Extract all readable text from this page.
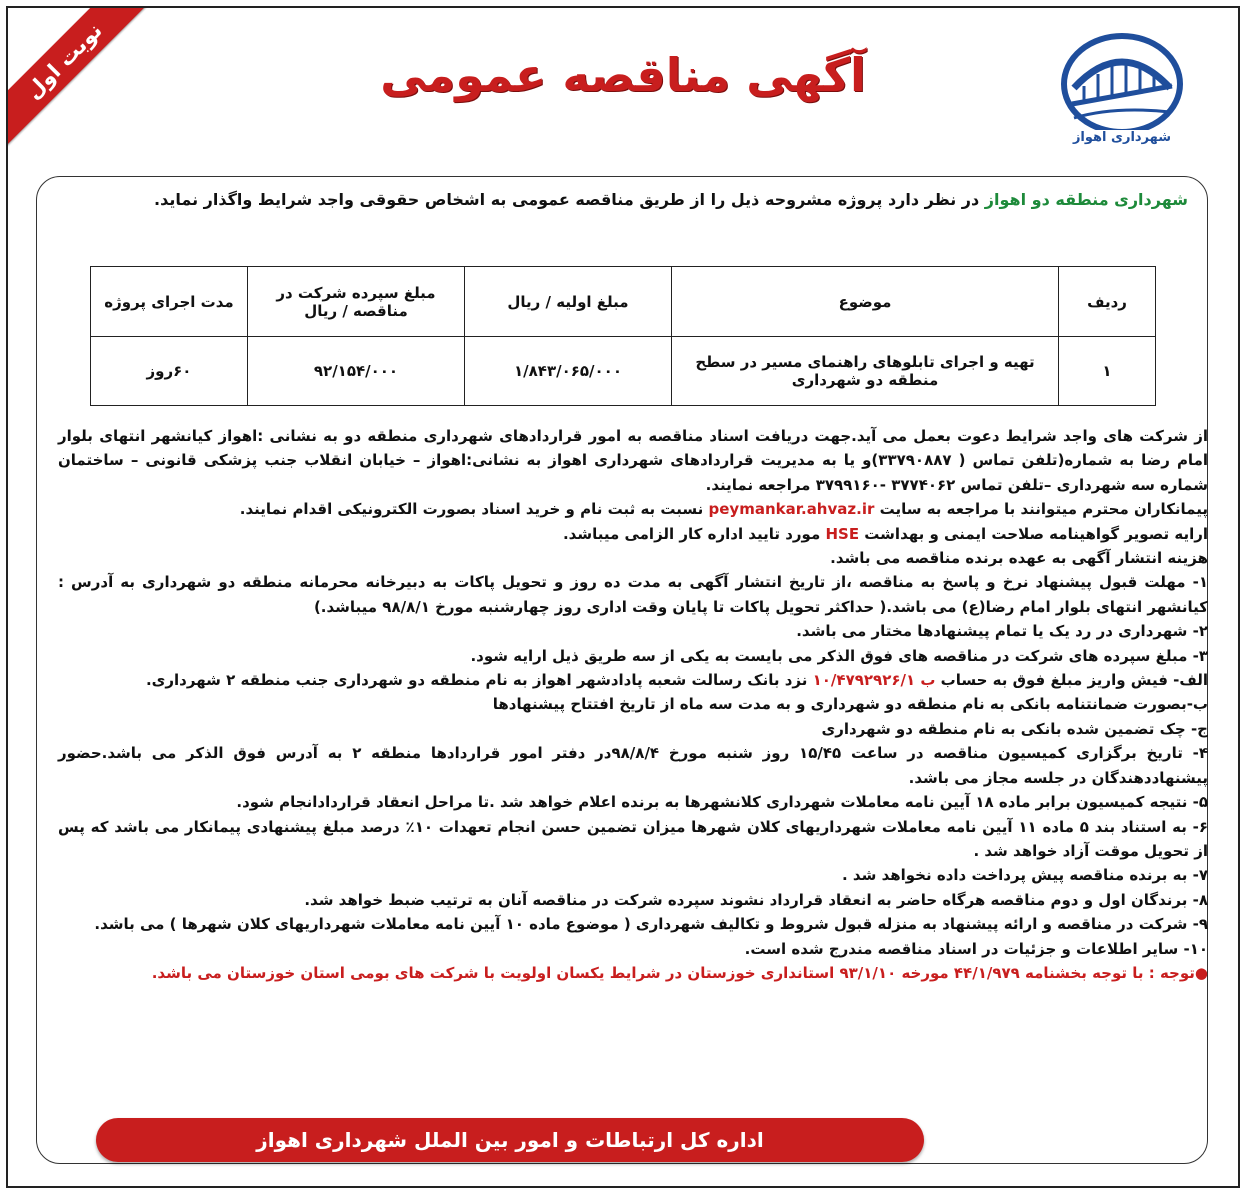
نوبت اول	آگهی مناقصه عمومی
شهرداری اهواز
شهرداری منطقه دو اهواز در نظر دارد پروژه مشروحه ذیل را از طریق مناقصه عمومی به اشخاص حقوقی واجد شرایط واگذار نماید.
ردیف	موضوع	مبلغ اولیه / ریال	مبلغ سپرده شرکت در مناقصه / ریال	مدت اجرای پروژه
۱	تهیه و اجرای تابلوهای راهنمای مسیر در سطح منطقه دو شهرداری	۱/۸۴۳/۰۶۵/۰۰۰	۹۲/۱۵۴/۰۰۰	۶۰روز

از شرکت های واجد شرایط دعوت بعمل می آید.جهت دریافت اسناد مناقصه به امور قراردادهای شهرداری منطقه دو به نشانی :اهواز کیانشهر انتهای بلوار امام رضا به شماره(تلفن تماس ( ۳۳۷۹۰۸۸۷)و یا به مدیریت قراردادهای شهرداری اهواز به نشانی:اهواز – خیابان انقلاب جنب پزشکی قانونی – ساختمان شماره سه شهرداری –تلفن تماس ۳۷۷۴۰۶۲ -۳۷۹۹۱۶۰ مراجعه نمایند.

پیمانکاران محترم میتوانند با مراجعه به سایت peymankar.ahvaz.ir نسبت به ثبت نام و خرید اسناد بصورت الکترونیکی اقدام نمایند.

ارایه تصویر گواهینامه صلاحت ایمنی و بهداشت HSE مورد تایید اداره کار الزامی میباشد.

هزینه انتشار آگهی به عهده برنده مناقصه می باشد.

۱- مهلت قبول پیشنهاد نرخ و پاسخ به مناقصه ،از تاریخ انتشار آگهی به مدت ده روز و تحویل پاکات به دبیرخانه محرمانه منطقه دو شهرداری به آدرس : کیانشهر انتهای بلوار امام رضا(ع) می باشد.( حداکثر تحویل پاکات تا پایان وقت اداری روز چهارشنبه مورخ ۹۸/۸/۱ میباشد.)

۲- شهرداری در رد یک یا تمام پیشنهادها مختار می باشد.

۳- مبلغ سپرده های شرکت در مناقصه های فوق الذکر می بایست به یکی از سه طریق ذیل ارایه شود.

الف- فیش واریز مبلغ فوق به حساب ب ۱۰/۴۷۹۲۹۲۶/۱ نزد بانک رسالت شعبه پادادشهر اهواز به نام منطقه دو شهرداری جنب منطقه ۲ شهرداری.

ب-بصورت ضمانتنامه بانکی به نام منطقه دو شهرداری و به مدت سه ماه از تاریخ افتتاح پیشنهادها

ج- چک تضمین شده بانکی به نام منطقه دو شهرداری

۴- تاریخ برگزاری کمیسیون مناقصه در ساعت ۱۵/۴۵ روز شنبه مورخ ۹۸/۸/۴در دفتر امور قراردادها منطقه ۲ به آدرس فوق الذکر می باشد.حضور پیشنهاددهندگان در جلسه مجاز می باشد.

۵- نتیجه کمیسیون برابر ماده ۱۸ آیین نامه معاملات شهرداری کلانشهرها به برنده اعلام خواهد شد .تا مراحل انعقاد قراردادانجام شود.

۶- به استناد بند ۵ ماده ۱۱ آیین نامه معاملات شهرداریهای کلان شهرها میزان تضمین حسن انجام تعهدات ۱۰٪ درصد مبلغ پیشنهادی پیمانکار می باشد که پس از تحویل موقت آزاد خواهد شد .

۷- به برنده مناقصه پیش پرداخت داده نخواهد شد .

۸- برندگان اول و دوم مناقصه هرگاه حاضر به انعقاد قرارداد نشوند سپرده شرکت در مناقصه آنان به ترتیب ضبط خواهد شد.

۹- شرکت در مناقصه و ارائه پیشنهاد به منزله قبول شروط و تکالیف شهرداری ( موضوع ماده ۱۰ آیین نامه معاملات شهرداریهای کلان شهرها ) می باشد.

۱۰- سایر اطلاعات و جزئیات در اسناد مناقصه مندرج شده است.

●توجه : با توجه بخشنامه ۴۴/۱/۹۷۹ مورخه ۹۳/۱/۱۰ استانداری خوزستان در شرایط یکسان اولویت با شرکت های بومی استان خوزستان می باشد.

اداره کل ارتباطات و امور بین الملل شهرداری اهواز
